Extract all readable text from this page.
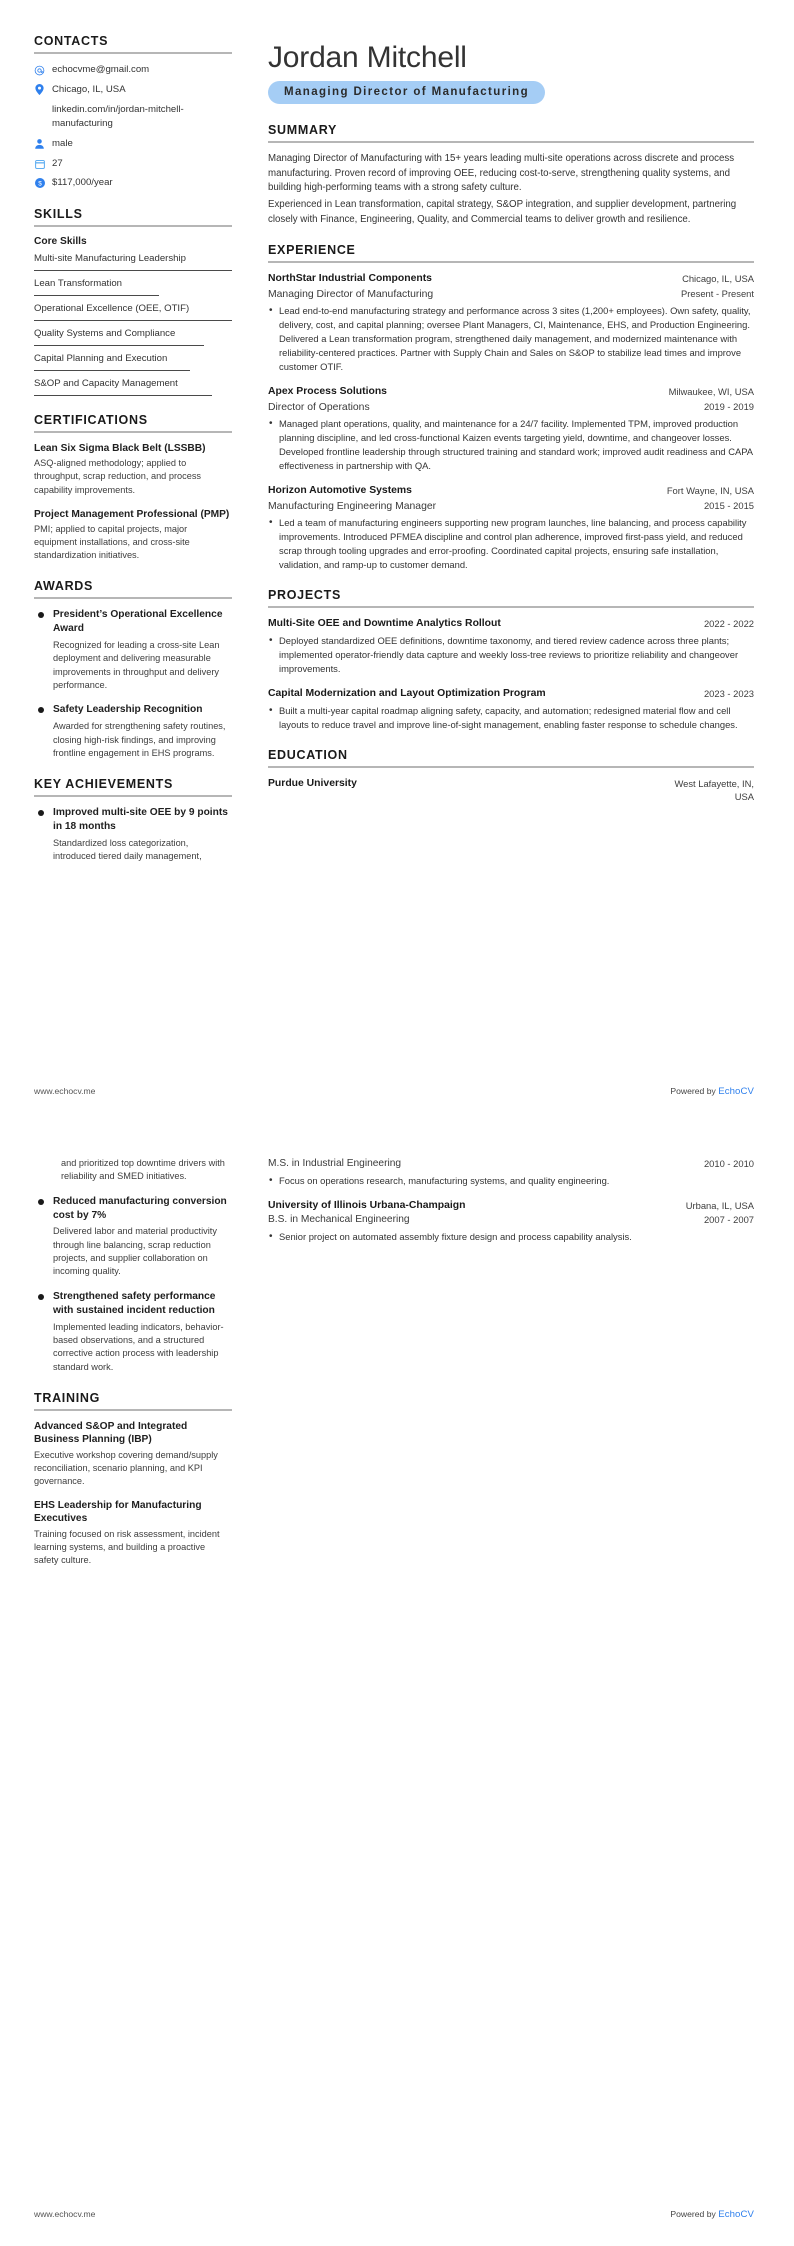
CONTACTS
echocvme@gmail.com
Chicago, IL, USA
linkedin.com/in/jordan-mitchell-manufacturing
male
27
$ $117,000/year
SKILLS
Core Skills
Multi-site Manufacturing Leadership
Lean Transformation
Operational Excellence (OEE, OTIF)
Quality Systems and Compliance
Capital Planning and Execution
S&OP and Capacity Management
CERTIFICATIONS
Lean Six Sigma Black Belt (LSSBB)
ASQ-aligned methodology; applied to throughput, scrap reduction, and process capability improvements.
Project Management Professional (PMP)
PMI; applied to capital projects, major equipment installations, and cross-site standardization initiatives.
AWARDS
President’s Operational Excellence Award
Recognized for leading a cross-site Lean deployment and delivering measurable improvements in throughput and delivery performance.
Safety Leadership Recognition
Awarded for strengthening safety routines, closing high-risk findings, and improving frontline engagement in EHS programs.
KEY ACHIEVEMENTS
Improved multi-site OEE by 9 points in 18 months
Standardized loss categorization, introduced tiered daily management,
Jordan Mitchell
Managing Director of Manufacturing
SUMMARY

Managing Director of Manufacturing with 15+ years leading multi-site operations across discrete and process manufacturing. Proven record of improving OEE, reducing cost-to-serve, strengthening quality systems, and building high-performing teams with a strong safety culture.

Experienced in Lean transformation, capital strategy, S&OP integration, and supplier development, partnering closely with Finance, Engineering, Quality, and Commercial teams to deliver growth and resilience.

EXPERIENCE
NorthStar Industrial Components	Chicago, IL, USA
Managing Director of Manufacturing	Present - Present
• Lead end-to-end manufacturing strategy and performance across 3 sites (1,200+ employees). Own safety, quality, delivery, cost, and capital planning; oversee Plant Managers, CI, Maintenance, EHS, and Production Engineering. Delivered a Lean transformation program, strengthened daily management, and modernized maintenance with reliability-centered practices. Partner with Supply Chain and Sales on S&OP to stabilize lead times and improve customer OTIF.
Apex Process Solutions	Milwaukee, WI, USA
Director of Operations	2019 - 2019
• Managed plant operations, quality, and maintenance for a 24/7 facility. Implemented TPM, improved production planning discipline, and led cross-functional Kaizen events targeting yield, downtime, and changeover losses. Developed frontline leadership through structured training and standard work; improved audit readiness and CAPA effectiveness in partnership with QA.
Horizon Automotive Systems	Fort Wayne, IN, USA
Manufacturing Engineering Manager	2015 - 2015
• Led a team of manufacturing engineers supporting new program launches, line balancing, and process capability improvements. Introduced PFMEA discipline and control plan adherence, improved first-pass yield, and reduced scrap through tooling upgrades and error-proofing. Coordinated capital projects, ensuring safe installation, validation, and ramp-up to customer demand.
PROJECTS
Multi-Site OEE and Downtime Analytics Rollout	2022 - 2022
• Deployed standardized OEE definitions, downtime taxonomy, and tiered review cadence across three plants; implemented operator-friendly data capture and weekly loss-tree reviews to prioritize reliability and changeover improvements.
Capital Modernization and Layout Optimization Program	2023 - 2023
• Built a multi-year capital roadmap aligning safety, capacity, and automation; redesigned material flow and cell layouts to reduce travel and improve line-of-sight management, enabling faster response to schedule changes.
EDUCATION
Purdue University	West Lafayette, IN, USA
www.echocv.me	Powered by EchoCV
and prioritized top downtime drivers with reliability and SMED initiatives.
Reduced manufacturing conversion cost by 7%
Delivered labor and material productivity through line balancing, scrap reduction projects, and supplier collaboration on incoming quality.
Strengthened safety performance with sustained incident reduction
Implemented leading indicators, behavior-based observations, and a structured corrective action process with leadership standard work.
TRAINING
Advanced S&OP and Integrated Business Planning (IBP)
Executive workshop covering demand/supply reconciliation, scenario planning, and KPI governance.
EHS Leadership for Manufacturing Executives
Training focused on risk assessment, incident learning systems, and building a proactive safety culture.
M.S. in Industrial Engineering	2010 - 2010
• Focus on operations research, manufacturing systems, and quality engineering.
University of Illinois Urbana-Champaign	Urbana, IL, USA
B.S. in Mechanical Engineering	2007 - 2007
• Senior project on automated assembly fixture design and process capability analysis.
www.echocv.me	Powered by EchoCV
